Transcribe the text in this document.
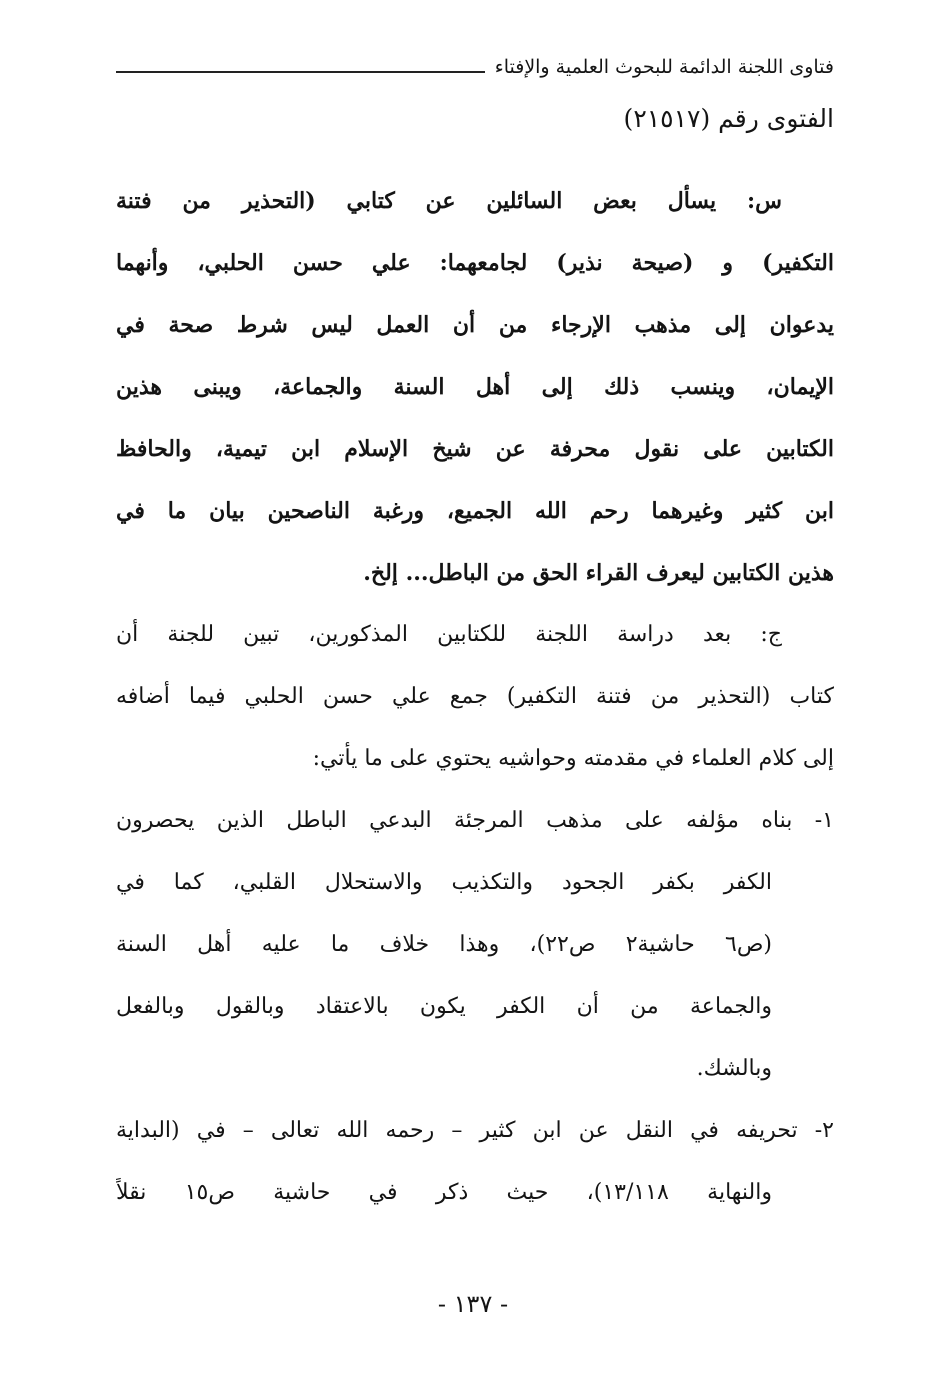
فتاوى اللجنة الدائمة للبحوث العلمية والإفتاء
الفتوى رقم (٢١٥١٧)
س: يسأل بعض السائلين عن كتابي (التحذير من فتنة
التكفير) و (صيحة نذير) لجامعهما: علي حسن الحلبي، وأنهما
يدعوان إلى مذهب الإرجاء من أن العمل ليس شرط صحة في
الإيمان، وينسب ذلك إلى أهل السنة والجماعة، ويبنى هذين
الكتابين على نقول محرفة عن شيخ الإسلام ابن تيمية، والحافظ
ابن كثير وغيرهما رحم الله الجميع، ورغبة الناصحين بيان ما في
هذين الكتابين ليعرف القراء الحق من الباطل... إلخ.
ج: بعد دراسة اللجنة للكتابين المذكورين، تبين للجنة أن
كتاب (التحذير من فتنة التكفير) جمع علي حسن الحلبي فيما أضافه
إلى كلام العلماء في مقدمته وحواشيه يحتوي على ما يأتي:
١- بناه مؤلفه على مذهب المرجئة البدعي الباطل الذين يحصرون
الكفر بكفر الجحود والتكذيب والاستحلال القلبي، كما في
(ص٦ حاشية٢ ص٢٢)، وهذا خلاف ما عليه أهل السنة
والجماعة من أن الكفر يكون بالاعتقاد وبالقول وبالفعل
وبالشك.
٢- تحريفه في النقل عن ابن كثير – رحمه الله تعالى – في (البداية
والنهاية ١٣/١١٨)، حيث ذكر في حاشية ص١٥ نقلاً
- ١٣٧ -
